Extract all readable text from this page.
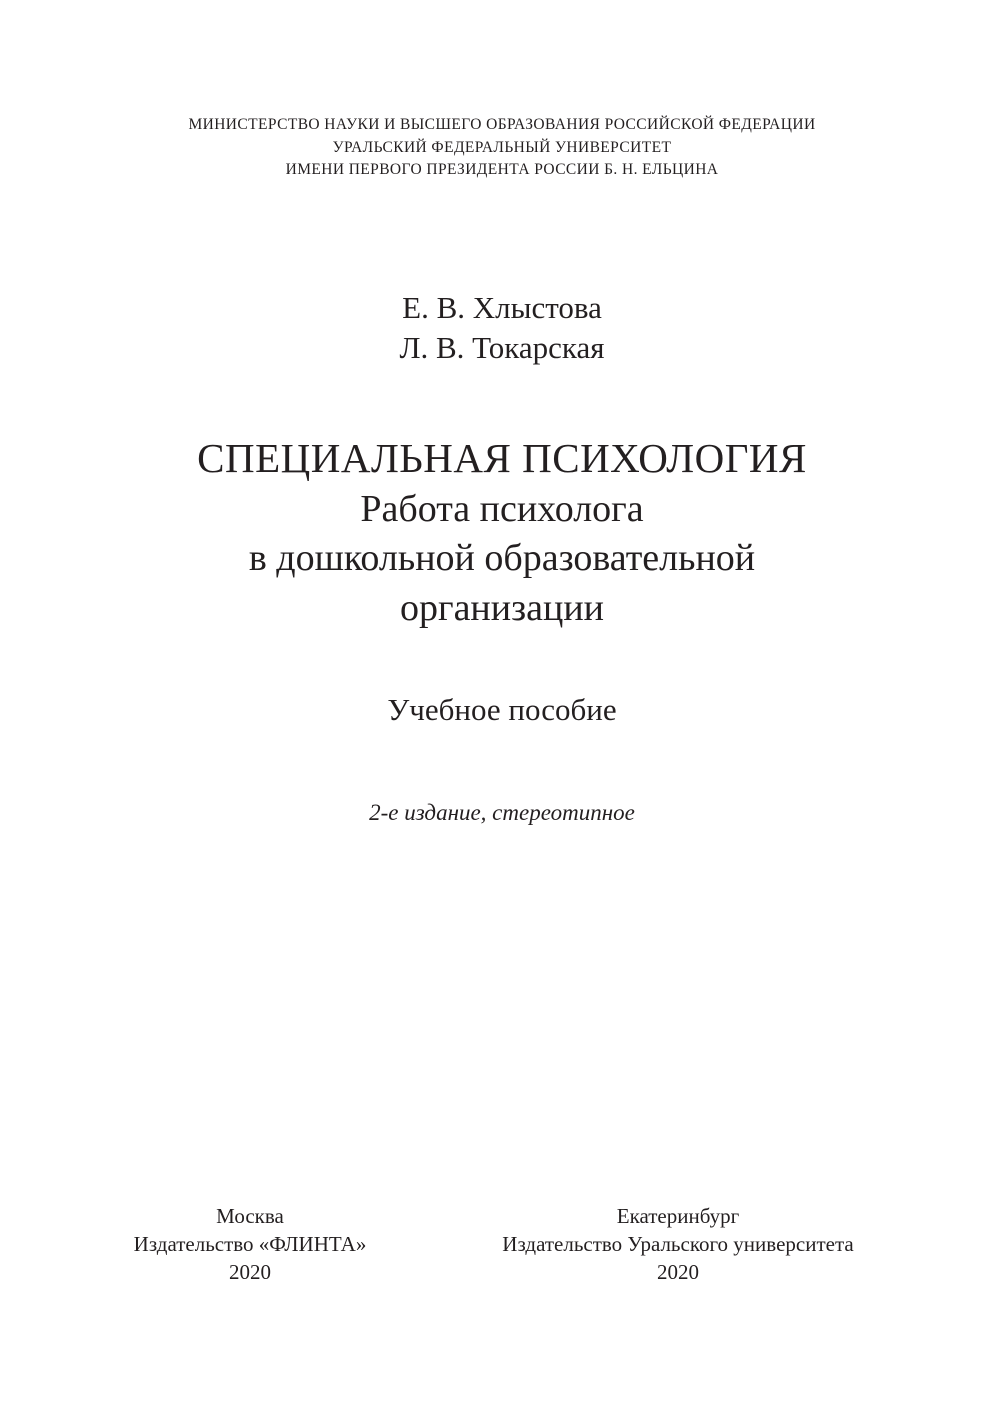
МИНИСТЕРСТВО НАУКИ И ВЫСШЕГО ОБРАЗОВАНИЯ РОССИЙСКОЙ ФЕДЕРАЦИИ
УРАЛЬСКИЙ ФЕДЕРАЛЬНЫЙ УНИВЕРСИТЕТ
ИМЕНИ ПЕРВОГО ПРЕЗИДЕНТА РОССИИ Б. Н. ЕЛЬЦИНА
Е. В. Хлыстова
Л. В. Токарская
СПЕЦИАЛЬНАЯ ПСИХОЛОГИЯ
Работа психолога
в дошкольной образовательной
организации
Учебное пособие
2-е издание, стереотипное
Москва
Издательство «ФЛИНТА»
2020
Екатеринбург
Издательство Уральского университета
2020
